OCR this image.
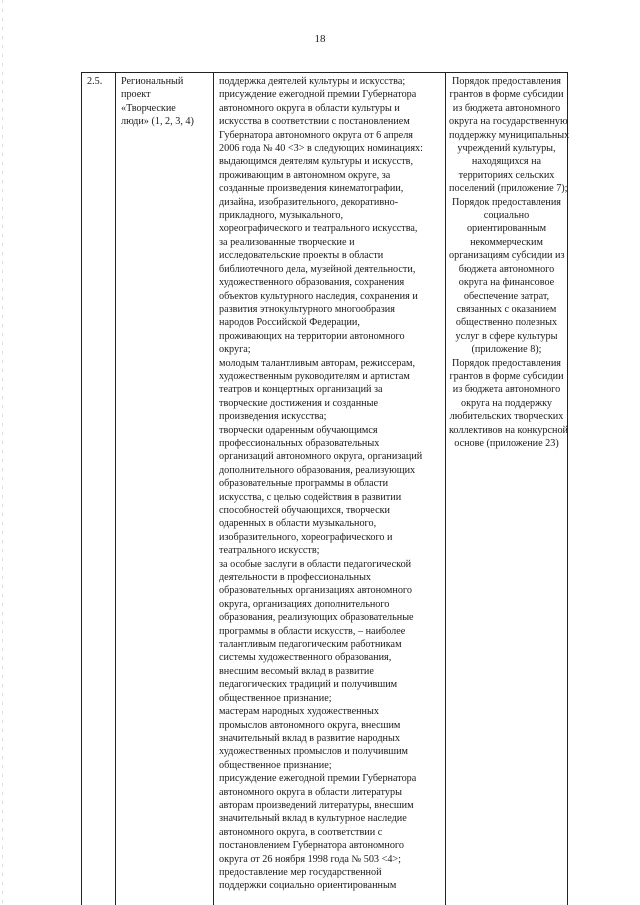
18
2.5.	Региональный
проект
«Творческие
люди» (1, 2, 3, 4)
поддержка деятелей культуры и искусства;
присуждение ежегодной премии Губернатора
автономного округа в области культуры и
искусства в соответствии с постановлением
Губернатора автономного округа от 6 апреля
2006 года № 40 <3> в следующих номинациях:
выдающимся деятелям культуры и искусств,
проживающим в автономном округе, за
созданные произведения кинематографии,
дизайна, изобразительного, декоративно-
прикладного, музыкального,
хореографического и театрального искусства,
за реализованные творческие и
исследовательские проекты в области
библиотечного дела, музейной деятельности,
художественного образования, сохранения
объектов культурного наследия, сохранения и
развития этнокультурного многообразия
народов Российской Федерации,
проживающих на территории автономного
округа;
молодым талантливым авторам, режиссерам,
художественным руководителям и артистам
театров и концертных организаций за
творческие достижения и созданные
произведения искусства;
творчески одаренным обучающимся
профессиональных образовательных
организаций автономного округа, организаций
дополнительного образования, реализующих
образовательные программы в области
искусства, с целью содействия в развитии
способностей обучающихся, творчески
одаренных в области музыкального,
изобразительного, хореографического и
театрального искусств;
за особые заслуги в области педагогической
деятельности в профессиональных
образовательных организациях автономного
округа, организациях дополнительного
образования, реализующих образовательные
программы в области искусств, – наиболее
талантливым педагогическим работникам
системы художественного образования,
внесшим весомый вклад в развитие
педагогических традиций и получившим
общественное признание;
мастерам народных художественных
промыслов автономного округа, внесшим
значительный вклад в развитие народных
художественных промыслов и получившим
общественное признание;
присуждение ежегодной премии Губернатора
автономного округа в области литературы
авторам произведений литературы, внесшим
значительный вклад в культурное наследие
автономного округа, в соответствии с
постановлением Губернатора автономного
округа от 26 ноября 1998 года № 503 <4>;
предоставление мер государственной
поддержки социально ориентированным
Порядок предоставления
грантов в форме субсидии
из бюджета автономного
округа на государственную
поддержку муниципальных
учреждений культуры,
находящихся на
территориях сельских
поселений (приложение 7);
Порядок предоставления
социально
ориентированным
некоммерческим
организациям субсидии из
бюджета автономного
округа на финансовое
обеспечение затрат,
связанных с оказанием
общественно полезных
услуг в сфере культуры
(приложение 8);
Порядок предоставления
грантов в форме субсидии
из бюджета автономного
округа на поддержку
любительских творческих
коллективов на конкурсной
основе (приложение 23)
